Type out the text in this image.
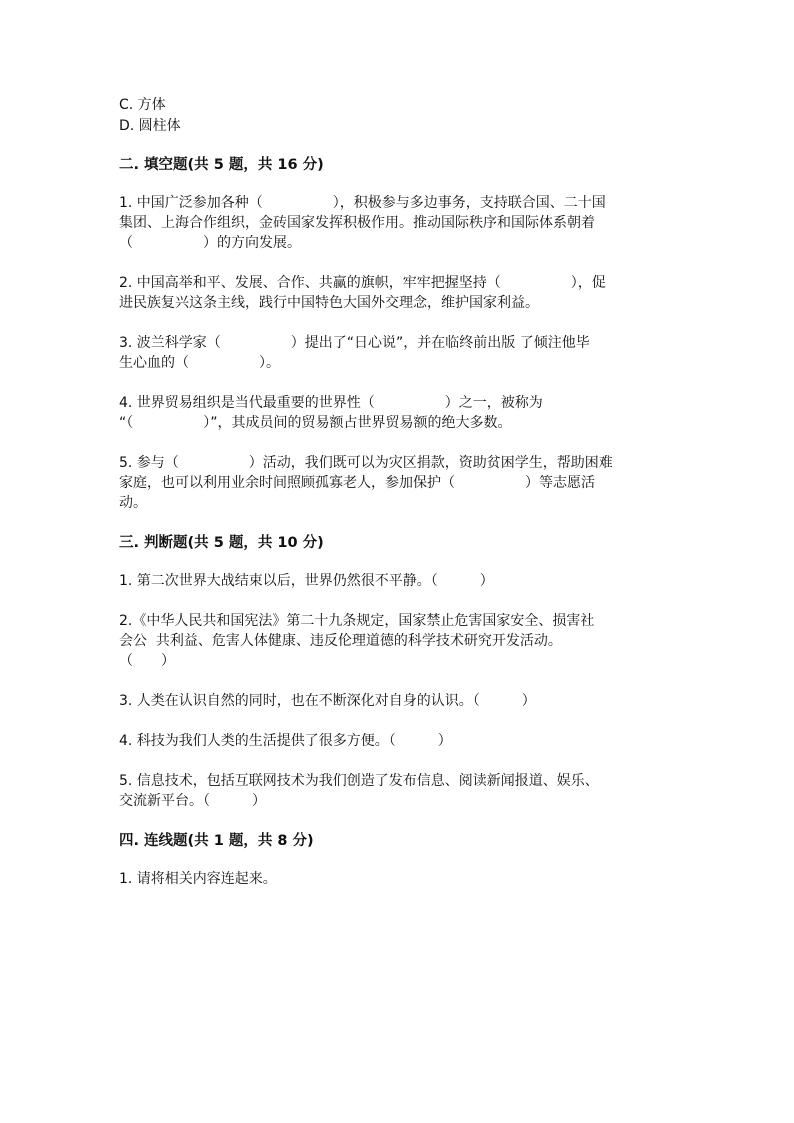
C. 方体
D. 圆柱体
二. 填空题(共 5 题，共 16 分)
1. 中国广泛参加各种（　　　　　），积极参与多边事务，支持联合国、二十国
集团、上海合作组织，金砖国家发挥积极作用。推动国际秩序和国际体系朝着
（　　　　　）的方向发展。
2. 中国高举和平、发展、合作、共赢的旗帜，牢牢把握坚持（　　　　　），促
进民族复兴这条主线，践行中国特色大国外交理念，维护国家利益。
3. 波兰科学家（　　　　　）提出了“日心说”，并在临终前出版 了倾注他毕
生心血的（　　　　　）。
4. 世界贸易组织是当代最重要的世界性（　　　　　）之一，被称为
“（　　　　　）”，其成员间的贸易额占世界贸易额的绝大多数。
5. 参与（　　　　　）活动，我们既可以为灾区捐款，资助贫困学生，帮助困难
家庭，也可以利用业余时间照顾孤寡老人，参加保护（　　　　　）等志愿活
动。
三. 判断题(共 5 题，共 10 分)
1. 第二次世界大战结束以后，世界仍然很不平静。（　　　）
2.《中华人民共和国宪法》第二十九条规定，国家禁止危害国家安全、损害社
会公  共利益、危害人体健康、违反伦理道德的科学技术研究开发活动。
（　　）
3. 人类在认识自然的同时，也在不断深化对自身的认识。（　　　）
4. 科技为我们人类的生活提供了很多方便。（　　　）
5. 信息技术，包括互联网技术为我们创造了发布信息、阅读新闻报道、娱乐、
交流新平台。（　　　）
四. 连线题(共 1 题，共 8 分)
1. 请将相关内容连起来。
